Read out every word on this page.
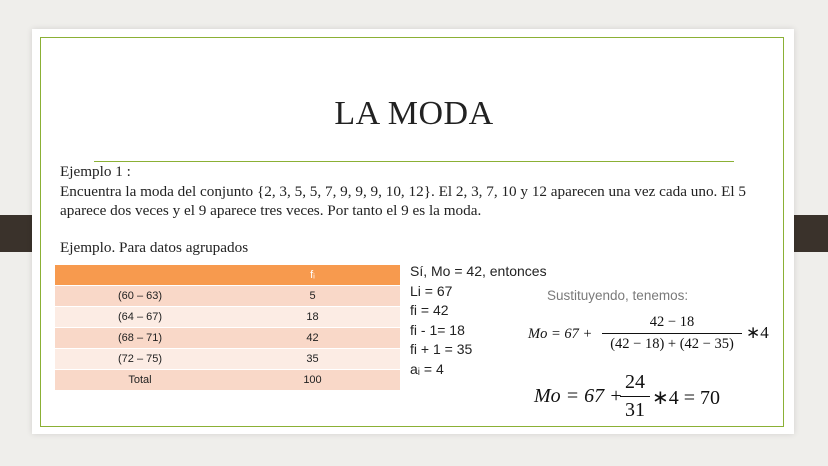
LA MODA
Ejemplo 1 :
Encuentra la moda del conjunto {2, 3, 5, 5, 7, 9, 9, 9, 10, 12}. El 2, 3, 7, 10 y 12 aparecen una vez cada uno. El 5 aparece dos veces y el 9 aparece tres veces. Por tanto el 9 es la moda.
Ejemplo. Para datos agrupados
	fᵢ
(60 – 63)	5
(64 – 67)	18
(68 – 71)	42
(72 – 75)	35
Total	100
Sí, Mo = 42, entonces
Li = 67
fi = 42
fi - 1= 18
fi + 1 = 35
aᵢ = 4
Sustituyendo, tenemos:
Mo = 67 +
42 − 18
(42 − 18) + (42 − 35)
∗4
Mo = 67 +
24
31
∗4 = 70
